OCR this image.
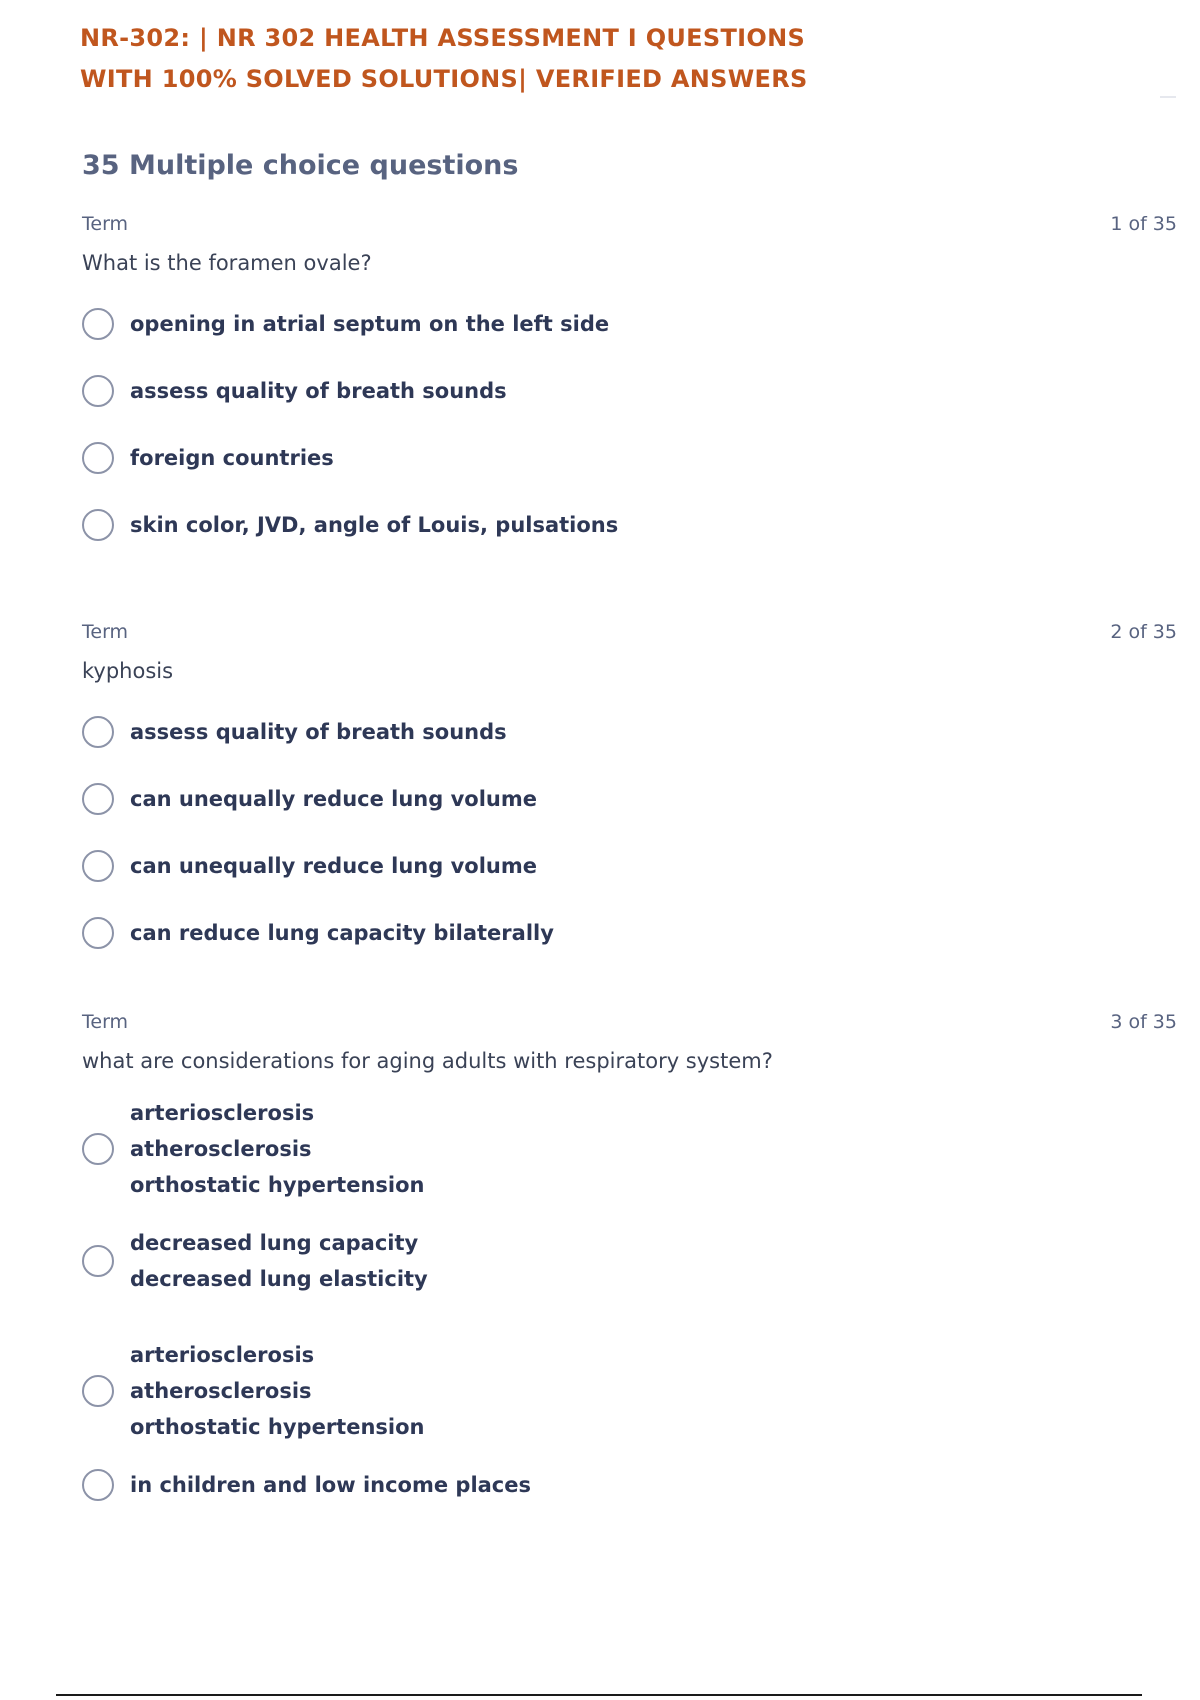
NR-302: | NR 302 HEALTH ASSESSMENT I QUESTIONS
WITH 100% SOLVED SOLUTIONS| VERIFIED ANSWERS
35 Multiple choice questions
Term	1 of 35
What is the foramen ovale?
opening in atrial septum on the left side
assess quality of breath sounds
foreign countries
skin color, JVD, angle of Louis, pulsations
Term	2 of 35
kyphosis
assess quality of breath sounds
can unequally reduce lung volume
can unequally reduce lung volume
can reduce lung capacity bilaterally
Term	3 of 35
what are considerations for aging adults with respiratory system?
arteriosclerosis
atherosclerosis
orthostatic hypertension
decreased lung capacity
decreased lung elasticity
arteriosclerosis
atherosclerosis
orthostatic hypertension
in children and low income places
